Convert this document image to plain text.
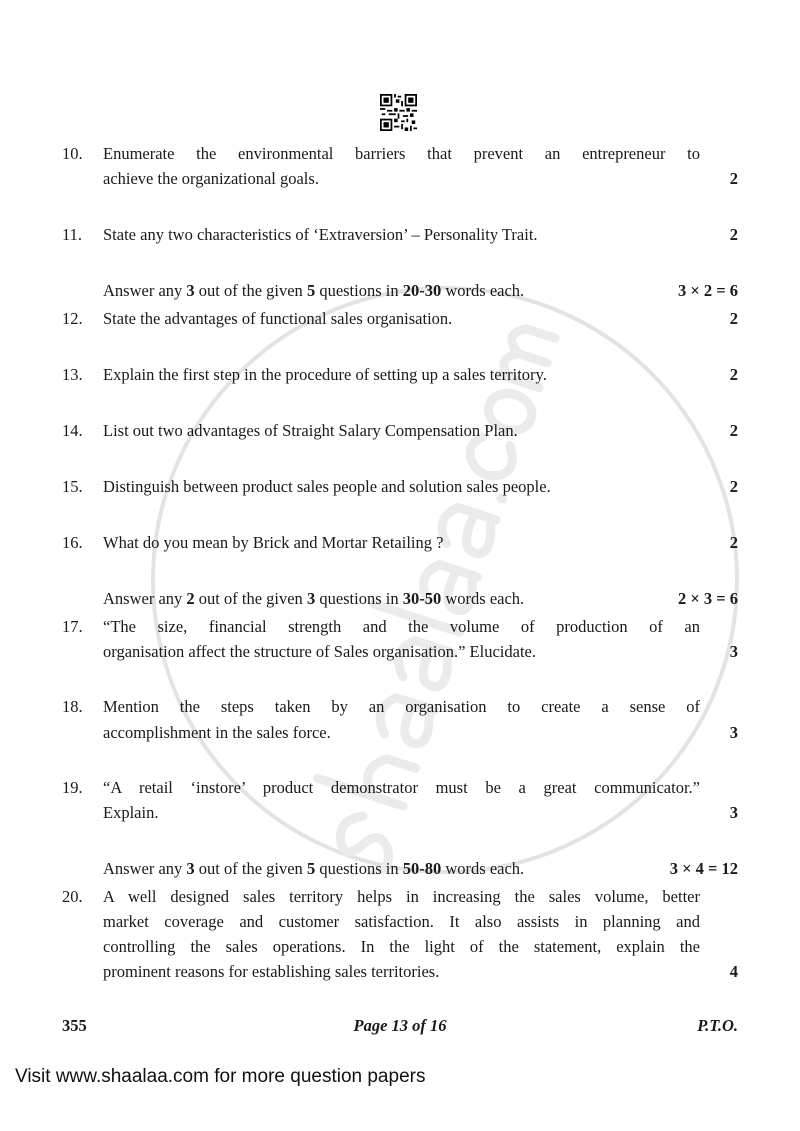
10. Enumerate the environmental barriers that prevent an entrepreneur to
achieve the organizational goals.	2
11. State any two characteristics of ‘Extraversion’ – Personality Trait.	2
Answer any 3 out of the given 5 questions in 20-30 words each.	3 × 2 = 6
12. State the advantages of functional sales organisation.	2
13. Explain the first step in the procedure of setting up a sales territory.	2
14. List out two advantages of Straight Salary Compensation Plan.	2
15. Distinguish between product sales people and solution sales people.	2
16. What do you mean by Brick and Mortar Retailing ?	2
Answer any 2 out of the given 3 questions in 30-50 words each.	2 × 3 = 6
17. “The size, financial strength and the volume of production of an
organisation affect the structure of Sales organisation.” Elucidate.	3
18. Mention the steps taken by an organisation to create a sense of
accomplishment in the sales force.	3
19. “A retail ‘instore’ product demonstrator must be a great communicator.”
Explain.	3
Answer any 3 out of the given 5 questions in 50-80 words each.	3 × 4 = 12
20. A well designed sales territory helps in increasing the sales volume, better
market coverage and customer satisfaction. It also assists in planning and
controlling the sales operations. In the light of the statement, explain the
prominent reasons for establishing sales territories.	4
355	Page 13 of 16	P.T.O.
Visit www.shaalaa.com for more question papers
